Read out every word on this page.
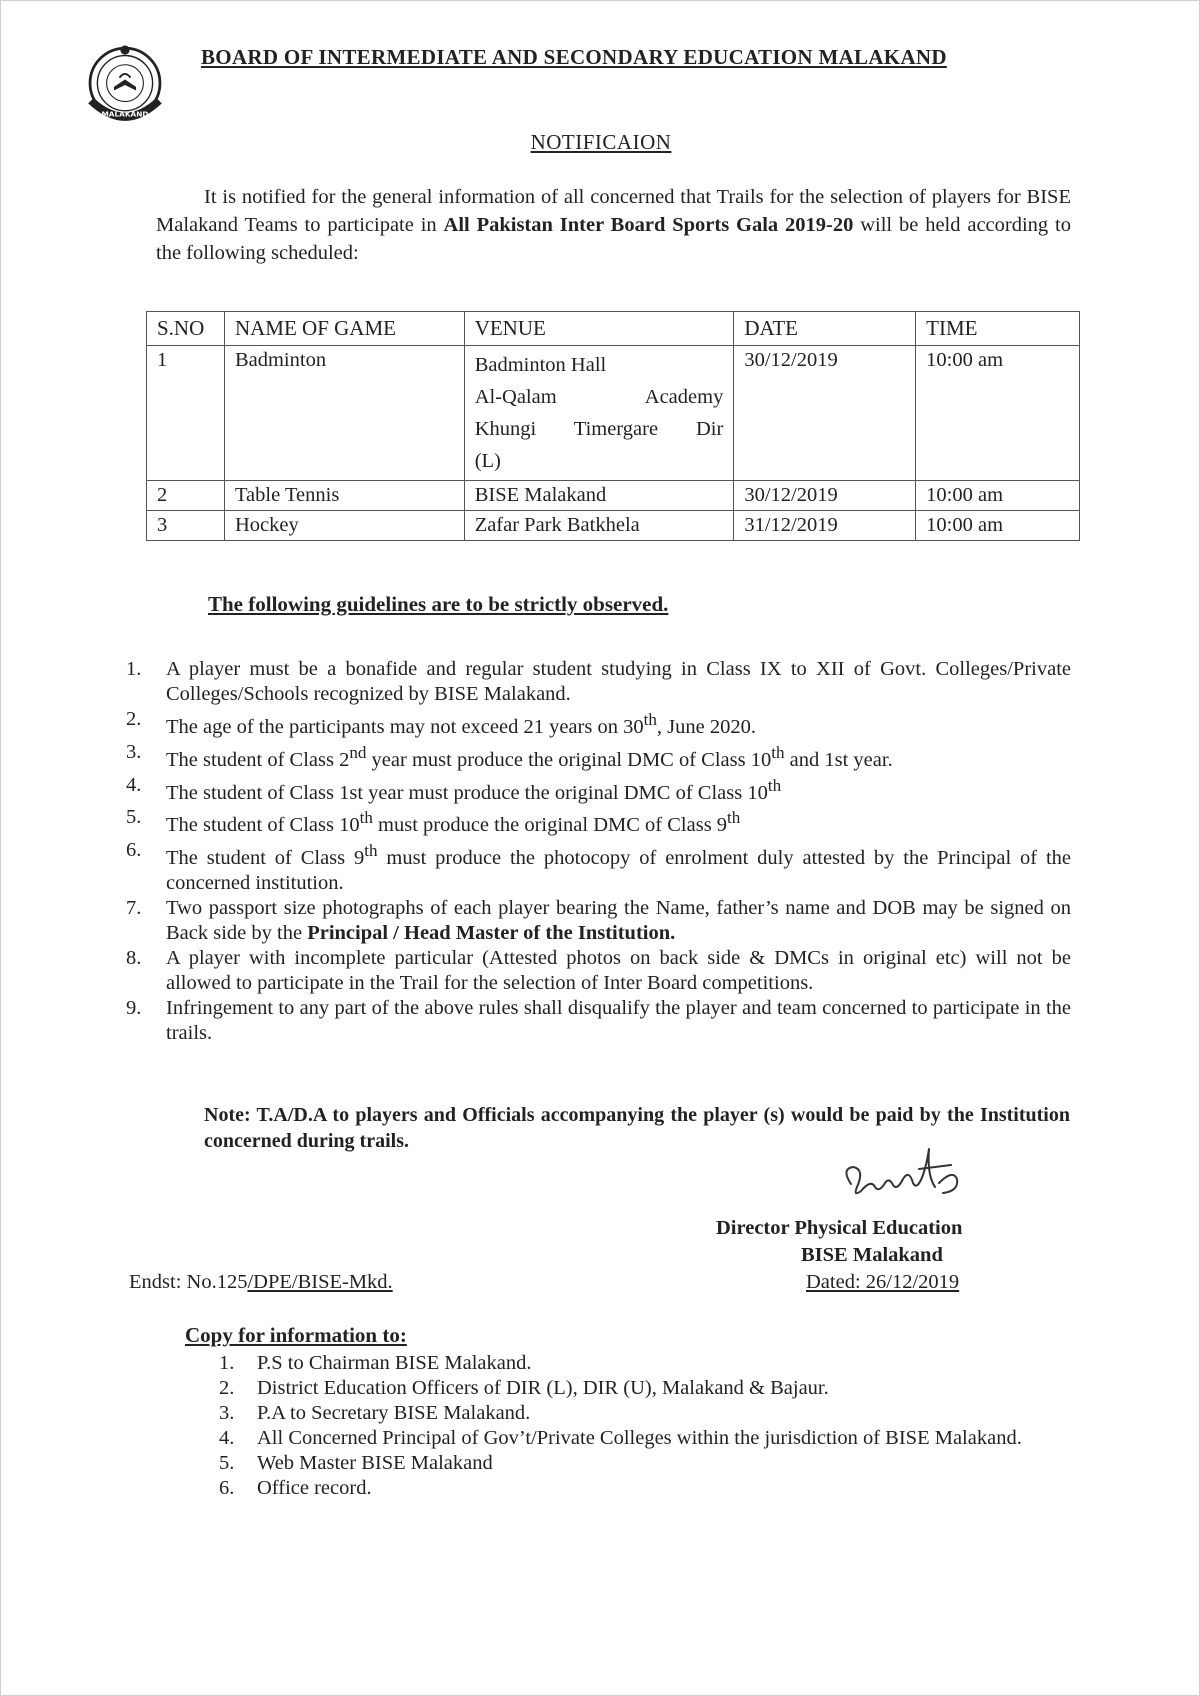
MALAKAND
BOARD OF INTERMEDIATE AND SECONDARY EDUCATION MALAKAND
NOTIFICAION

It is notified for the general information of all concerned that Trails for the selection of players for BISE Malakand Teams to participate in All Pakistan Inter Board Sports Gala 2019-20 will be held according to the following scheduled:

S.NO	NAME OF GAME	VENUE	DATE	TIME
1	Badminton	Badminton Hall
Al-Qalam Academy
Khungi Timergare Dir
(L)	30/12/2019	10:00 am
2	Table Tennis	BISE Malakand	30/12/2019	10:00 am
3	Hockey	Zafar Park Batkhela	31/12/2019	10:00 am
The following guidelines are to be strictly observed.
1.	A player must be a bonafide and regular student studying in Class IX to XII of Govt. Colleges/Private Colleges/Schools recognized by BISE Malakand.
2.	The age of the participants may not exceed 21 years on 30th, June 2020.
3.	The student of Class 2nd year must produce the original DMC of Class 10th and 1st year.
4.	The student of Class 1st year must produce the original DMC of Class 10th
5.	The student of Class 10th must produce the original DMC of Class 9th
6.	The student of Class 9th must produce the photocopy of enrolment duly attested by the Principal of the concerned institution.
7.	Two passport size photographs of each player bearing the Name, father’s name and DOB may be signed on Back side by the Principal / Head Master of the Institution.
8.	A player with incomplete particular (Attested photos on back side & DMCs in original etc) will not be allowed to participate in the Trail for the selection of Inter Board competitions.
9.	Infringement to any part of the above rules shall disqualify the player and team concerned to participate in the trails.
Note: T.A/D.A to players and Officials accompanying the player (s) would be paid by the Institution concerned during trails.
Director Physical Education
BISE Malakand
Endst: No.125/DPE/BISE-Mkd.	Dated: 26/12/2019
Copy for information to:
1. P.S to Chairman BISE Malakand.
2. District Education Officers of DIR (L), DIR (U), Malakand & Bajaur.
3. P.A to Secretary BISE Malakand.
4. All Concerned Principal of Gov’t/Private Colleges within the jurisdiction of BISE Malakand.
5. Web Master BISE Malakand
6. Office record.
